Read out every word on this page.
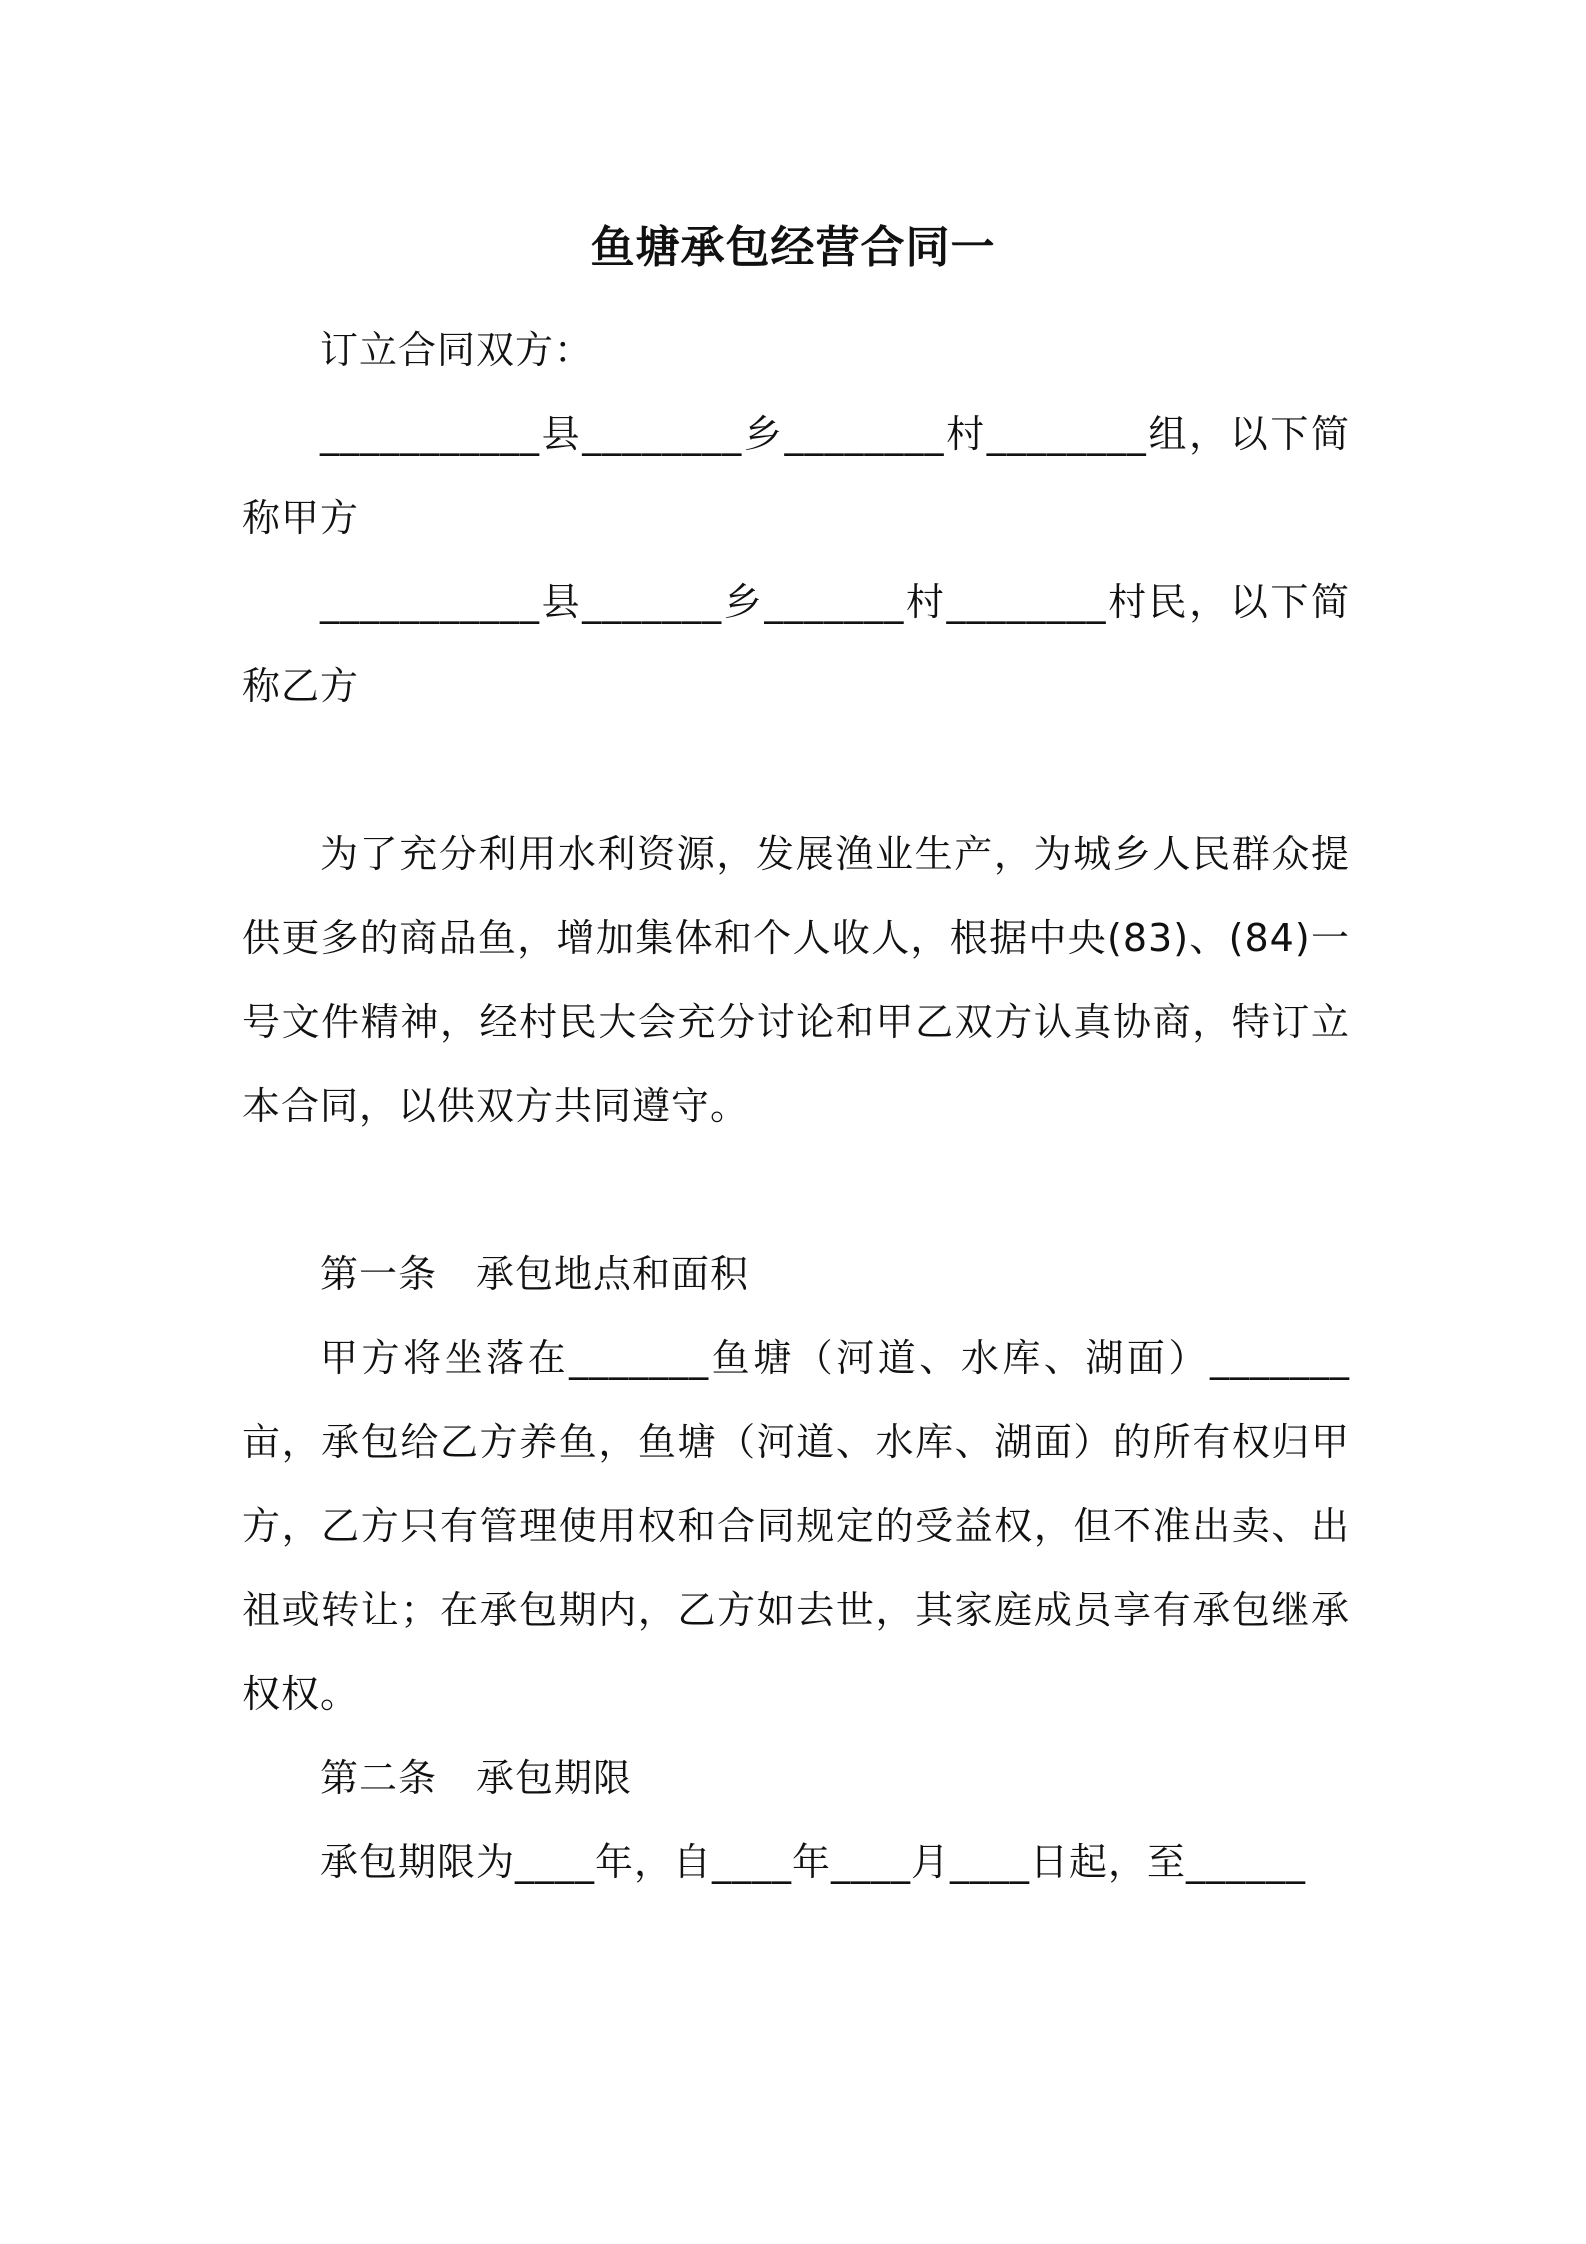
鱼塘承包经营合同一

订立合同双方：

___________县________乡________村________组，以下简称甲方

___________县_______乡_______村________村民，以下简称乙方

为了充分利用水利资源，发展渔业生产，为城乡人民群众提供更多的商品鱼，增加集体和个人收人，根据中央(83)、(84)一号文件精神，经村民大会充分讨论和甲乙双方认真协商，特订立本合同，以供双方共同遵守。

第一条　承包地点和面积

甲方将坐落在_______鱼塘（河道、水库、湖面）_______亩，承包给乙方养鱼，鱼塘（河道、水库、湖面）的所有权归甲方，乙方只有管理使用权和合同规定的受益权，但不准出卖、出祖或转让；在承包期内，乙方如去世，其家庭成员享有承包继承权权。

第二条　承包期限

承包期限为____年，自____年____月____日起，至______
